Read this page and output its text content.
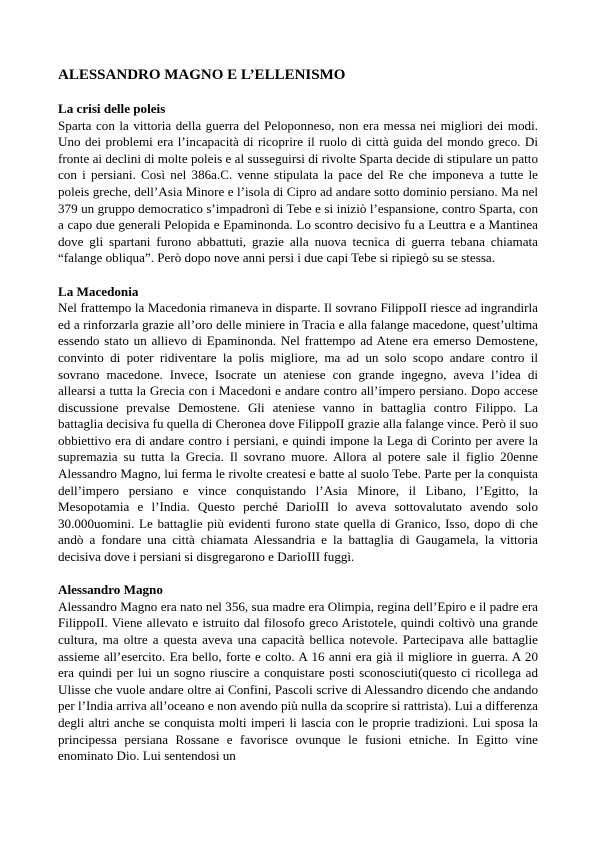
ALESSANDRO MAGNO E L’ELLENISMO

La crisi delle poleis

Sparta con la vittoria della guerra del Peloponneso, non era messa nei migliori dei modi. Uno dei problemi era l’incapacità di ricoprire il ruolo di città guida del mondo greco. Di fronte ai declini di molte poleis e al susseguirsi di rivolte Sparta decide di stipulare un patto con i persiani. Così nel 386a.C. venne stipulata la pace del Re che imponeva a tutte le poleis greche, dell’Asia Minore e l’isola di Cipro ad andare sotto dominio persiano. Ma nel 379 un gruppo democratico s’impadronì di Tebe e si iniziò l’espansione, contro Sparta, con a capo due generali Pelopida e Epaminonda. Lo scontro decisivo fu a Leuttra e a Mantinea dove gli spartani furono abbattuti, grazie alla nuova tecnica di guerra tebana chiamata “falange obliqua”. Però dopo nove anni persi i due capi Tebe si ripiegò su se stessa.

La Macedonia

Nel frattempo la Macedonia rimaneva in disparte. Il sovrano FilippoII riesce ad ingrandirla ed a rinforzarla grazie all’oro delle miniere in Tracia e alla falange macedone, quest’ultima essendo stato un allievo di Epaminonda. Nel frattempo ad Atene era emerso Demostene, convinto di poter ridiventare la polis migliore, ma ad un solo scopo andare contro il sovrano macedone. Invece, Isocrate un ateniese con grande ingegno, aveva l’idea di allearsi a tutta la Grecia con i Macedoni e andare contro all’impero persiano. Dopo accese discussione prevalse Demostene. Gli ateniese vanno in battaglia contro Filippo. La battaglia decisiva fu quella di Cheronea dove FilippoII grazie alla falange vince. Però il suo obbiettivo era di andare contro i persiani, e quindi impone la Lega di Corinto per avere la supremazia su tutta la Grecia. Il sovrano muore. Allora al potere sale il figlio 20enne Alessandro Magno, lui ferma le rivolte createsi e batte al suolo Tebe. Parte per la conquista dell’impero persiano e vince conquistando l’Asia Minore, il Libano, l’Egitto, la Mesopotamia e l’India. Questo perché DarioIII lo aveva sottovalutato avendo solo 30.000uomini. Le battaglie più evidenti furono state quella di Granico, Isso, dopo di che andò a fondare una città chiamata Alessandria e la battaglia di Gaugamela, la vittoria decisiva dove i persiani si disgregarono e DarioIII fuggì.

Alessandro Magno

Alessandro Magno era nato nel 356, sua madre era Olimpia, regina dell’Epiro e il padre era FilippoII. Viene allevato e istruito dal filosofo greco Aristotele, quindi coltivò una grande cultura, ma oltre a questa aveva una capacità bellica notevole. Partecipava alle battaglie assieme all’esercito. Era bello, forte e colto. A 16 anni era già il migliore in guerra. A 20 era quindi per lui un sogno riuscire a conquistare posti sconosciuti(questo ci ricollega ad Ulisse che vuole andare oltre ai Confini, Pascoli scrive di Alessandro dicendo che andando per l’India arriva all’oceano e non avendo più nulla da scoprire si rattrista). Lui a differenza degli altri anche se conquista molti imperi li lascia con le proprie tradizioni. Lui sposa la principessa persiana Rossane e favorisce ovunque le fusioni etniche. In Egitto vine enominato Dio. Lui sentendosi un
